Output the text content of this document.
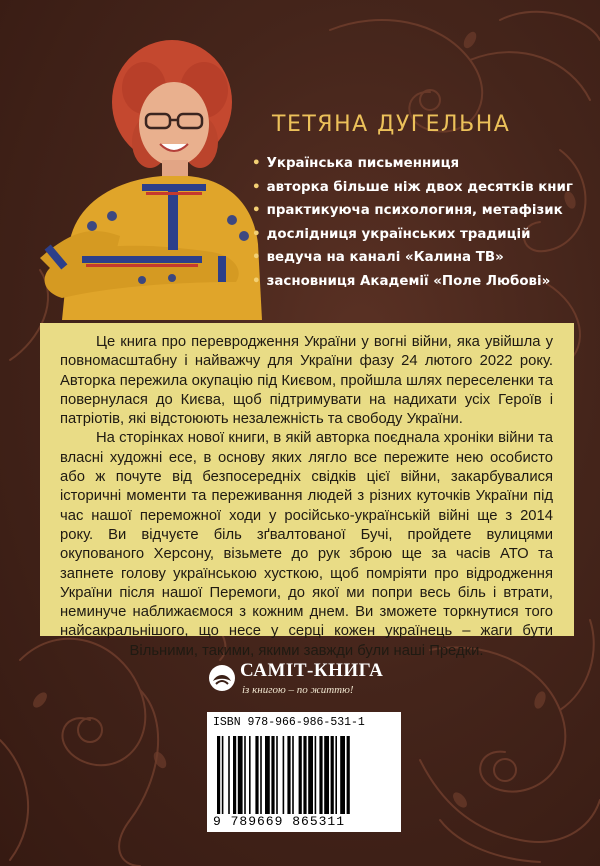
ТЕТЯНА ДУГЕЛЬНА
• Українська письменниця
• авторка більше ніж двох десятків книг
• практикуюча психологиня, метафізик
• дослідниця українських традицій
• ведуча на каналі «Калина ТВ»
• засновниця Академії «Поле Любові»

Це книга про перевродження України у вогні війни, яка увійшла у повномасштабну і найважчу для України фазу 24 лютого 2022 року. Авторка пережила окупацію під Києвом, пройшла шлях переселенки та повернулася до Києва, щоб підтримувати на надихати усіх Героїв і патріотів, які відстоюють незалежність та свободу України.

На сторінках нової книги, в якій авторка поєднала хроніки війни та власні художні есе, в основу яких лягло все пережите нею особисто або ж почуте від безпосередніх свідків цієї війни, закарбувалися історичні моменти та переживання людей з різних куточків України під час нашої переможної ходи у російсько-українській війні ще з 2014 року. Ви відчуєте біль зґвалтованої Бучі, пройдете вулицями окупованого Херсону, візьмете до рук зброю ще за часів АТО та запнете голову українською хусткою, щоб помріяти про відродження України після нашої Перемоги, до якої ми попри весь біль і втрати, неминуче наближаємося з кожним днем. Ви зможете торкнутися того найсакральнішого, що несе у серці кожен українець – жаги бути Вільними, такими, якими завжди були наші Предки.

САМІТ-КНИГА
із книгою – по життю!
ISBN 978-966-986-531-1
9 789669 865311
